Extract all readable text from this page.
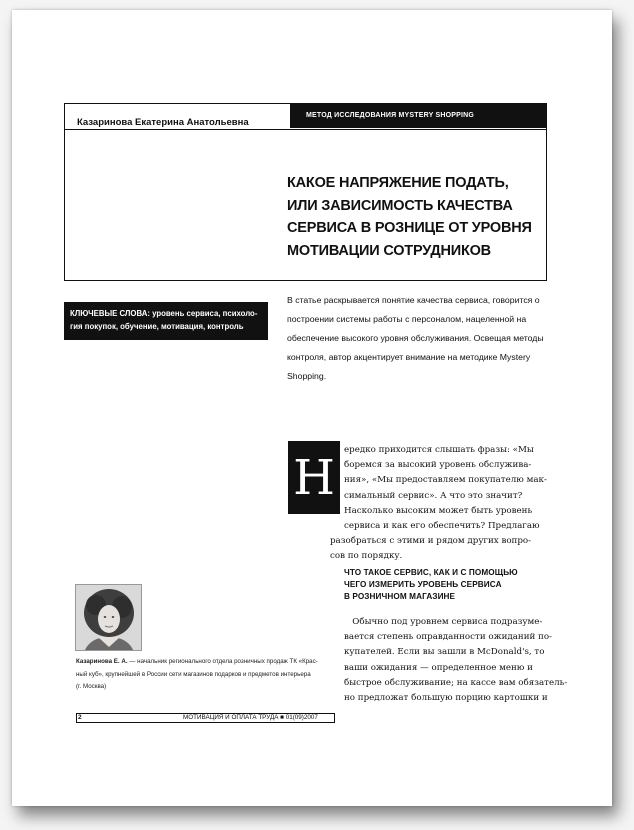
Казаринова Екатерина Анатольевна
МЕТОД ИССЛЕДОВАНИЯ MYSTERY SHOPPING
КАКОЕ НАПРЯЖЕНИЕ ПОДАТЬ,
ИЛИ ЗАВИСИМОСТЬ КАЧЕСТВА
СЕРВИСА В РОЗНИЦЕ ОТ УРОВНЯ
МОТИВАЦИИ СОТРУДНИКОВ
КЛЮЧЕВЫЕ СЛОВА: уровень сервиса, психоло-
гия покупок, обучение, мотивация, контроль
В статье раскрывается понятие качества сервиса, говорится о
построении системы работы с персоналом, нацеленной на
обеспечение высокого уровня обслуживания. Освещая методы
контроля, автор акцентирует внимание на методике Mystery
Shopping.
Н	ередко приходится слышать фразы: «Мы
боремся за высокий уровень обслужива-
ния», «Мы предоставляем покупателю мак-
симальный сервис». А что это значит?
Насколько высоким может быть уровень
сервиса и как его обеспечить? Предлагаю
разобраться с этими и рядом других вопро-
сов по порядку.
ЧТО ТАКОЕ СЕРВИС, КАК И С ПОМОЩЬЮ
ЧЕГО ИЗМЕРИТЬ УРОВЕНЬ СЕРВИСА
В РОЗНИЧНОМ МАГАЗИНЕ
Обычно под уровнем сервиса подразуме-
вается степень оправданности ожиданий по-
купателей. Если вы зашли в McDonald's, то
ваши ожидания — определенное меню и
быстрое обслуживание; на кассе вам обязатель-
но предложат большую порцию картошки и
Казаринова Е. А. — начальник регионального отдела розничных продаж ТК «Крас-
ный куб», крупнейшей в России сети магазинов подарков и предметов интерьера
(г. Москва)
2	МОТИВАЦИЯ И ОПЛАТА ТРУДА ■ 01(09)2007
